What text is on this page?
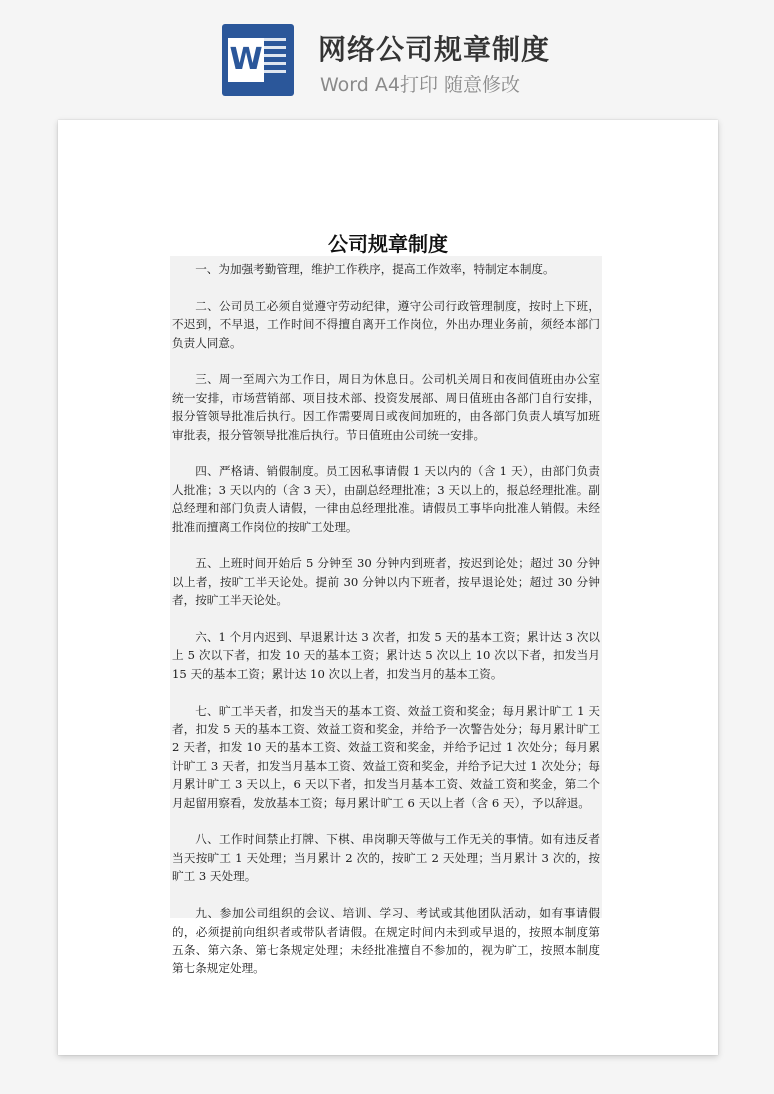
W 网络公司规章制度
Word A4打印 随意修改
公司规章制度

一、为加强考勤管理，维护工作秩序，提高工作效率，特制定本制度。

二、公司员工必须自觉遵守劳动纪律，遵守公司行政管理制度，按时上下班，不迟到，不早退，工作时间不得擅自离开工作岗位，外出办理业务前，须经本部门负责人同意。

三、周一至周六为工作日，周日为休息日。公司机关周日和夜间值班由办公室统一安排，市场营销部、项目技术部、投资发展部、周日值班由各部门自行安排，报分管领导批准后执行。因工作需要周日或夜间加班的，由各部门负责人填写加班审批表，报分管领导批准后执行。节日值班由公司统一安排。

四、严格请、销假制度。员工因私事请假 1 天以内的（含 1 天），由部门负责人批准；3 天以内的（含 3 天），由副总经理批准；3 天以上的，报总经理批准。副总经理和部门负责人请假，一律由总经理批准。请假员工事毕向批准人销假。未经批准而擅离工作岗位的按旷工处理。

五、上班时间开始后 5 分钟至 30 分钟内到班者，按迟到论处；超过 30 分钟以上者，按旷工半天论处。提前 30 分钟以内下班者，按早退论处；超过 30 分钟者，按旷工半天论处。

六、1 个月内迟到、早退累计达 3 次者，扣发 5 天的基本工资；累计达 3 次以上 5 次以下者，扣发 10 天的基本工资；累计达 5 次以上 10 次以下者，扣发当月 15 天的基本工资；累计达 10 次以上者，扣发当月的基本工资。

七、旷工半天者，扣发当天的基本工资、效益工资和奖金；每月累计旷工 1 天者，扣发 5 天的基本工资、效益工资和奖金，并给予一次警告处分；每月累计旷工 2 天者，扣发 10 天的基本工资、效益工资和奖金，并给予记过 1 次处分；每月累计旷工 3 天者，扣发当月基本工资、效益工资和奖金，并给予记大过 1 次处分；每月累计旷工 3 天以上，6 天以下者，扣发当月基本工资、效益工资和奖金，第二个月起留用察看，发放基本工资；每月累计旷工 6 天以上者（含 6 天），予以辞退。

八、工作时间禁止打牌、下棋、串岗聊天等做与工作无关的事情。如有违反者当天按旷工 1 天处理；当月累计 2 次的，按旷工 2 天处理；当月累计 3 次的，按旷工 3 天处理。

九、参加公司组织的会议、培训、学习、考试或其他团队活动，如有事请假的，必须提前向组织者或带队者请假。在规定时间内未到或早退的，按照本制度第五条、第六条、第七条规定处理；未经批准擅自不参加的，视为旷工，按照本制度第七条规定处理。
